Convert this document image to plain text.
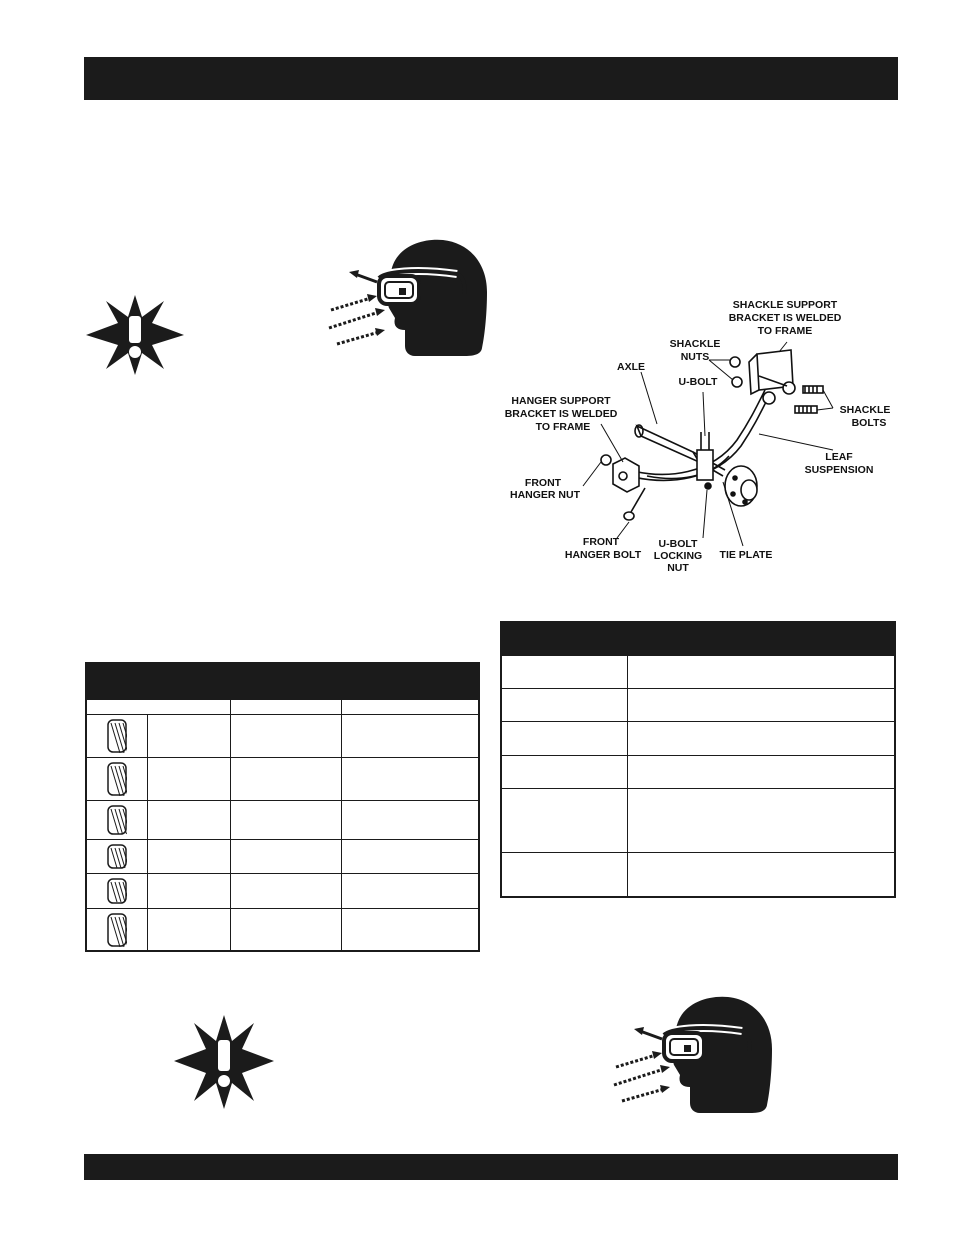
SHACKLE SUPPORT
BRACKET IS WELDED
TO FRAME
SHACKLE
NUTS
AXLE
U-BOLT
HANGER SUPPORT
BRACKET IS WELDED
TO FRAME
SHACKLE
BOLTS
LEAF
SUSPENSION
FRONT
HANGER NUT
FRONT
HANGER BOLT
U-BOLT
LOCKING
NUT
TIE PLATE
